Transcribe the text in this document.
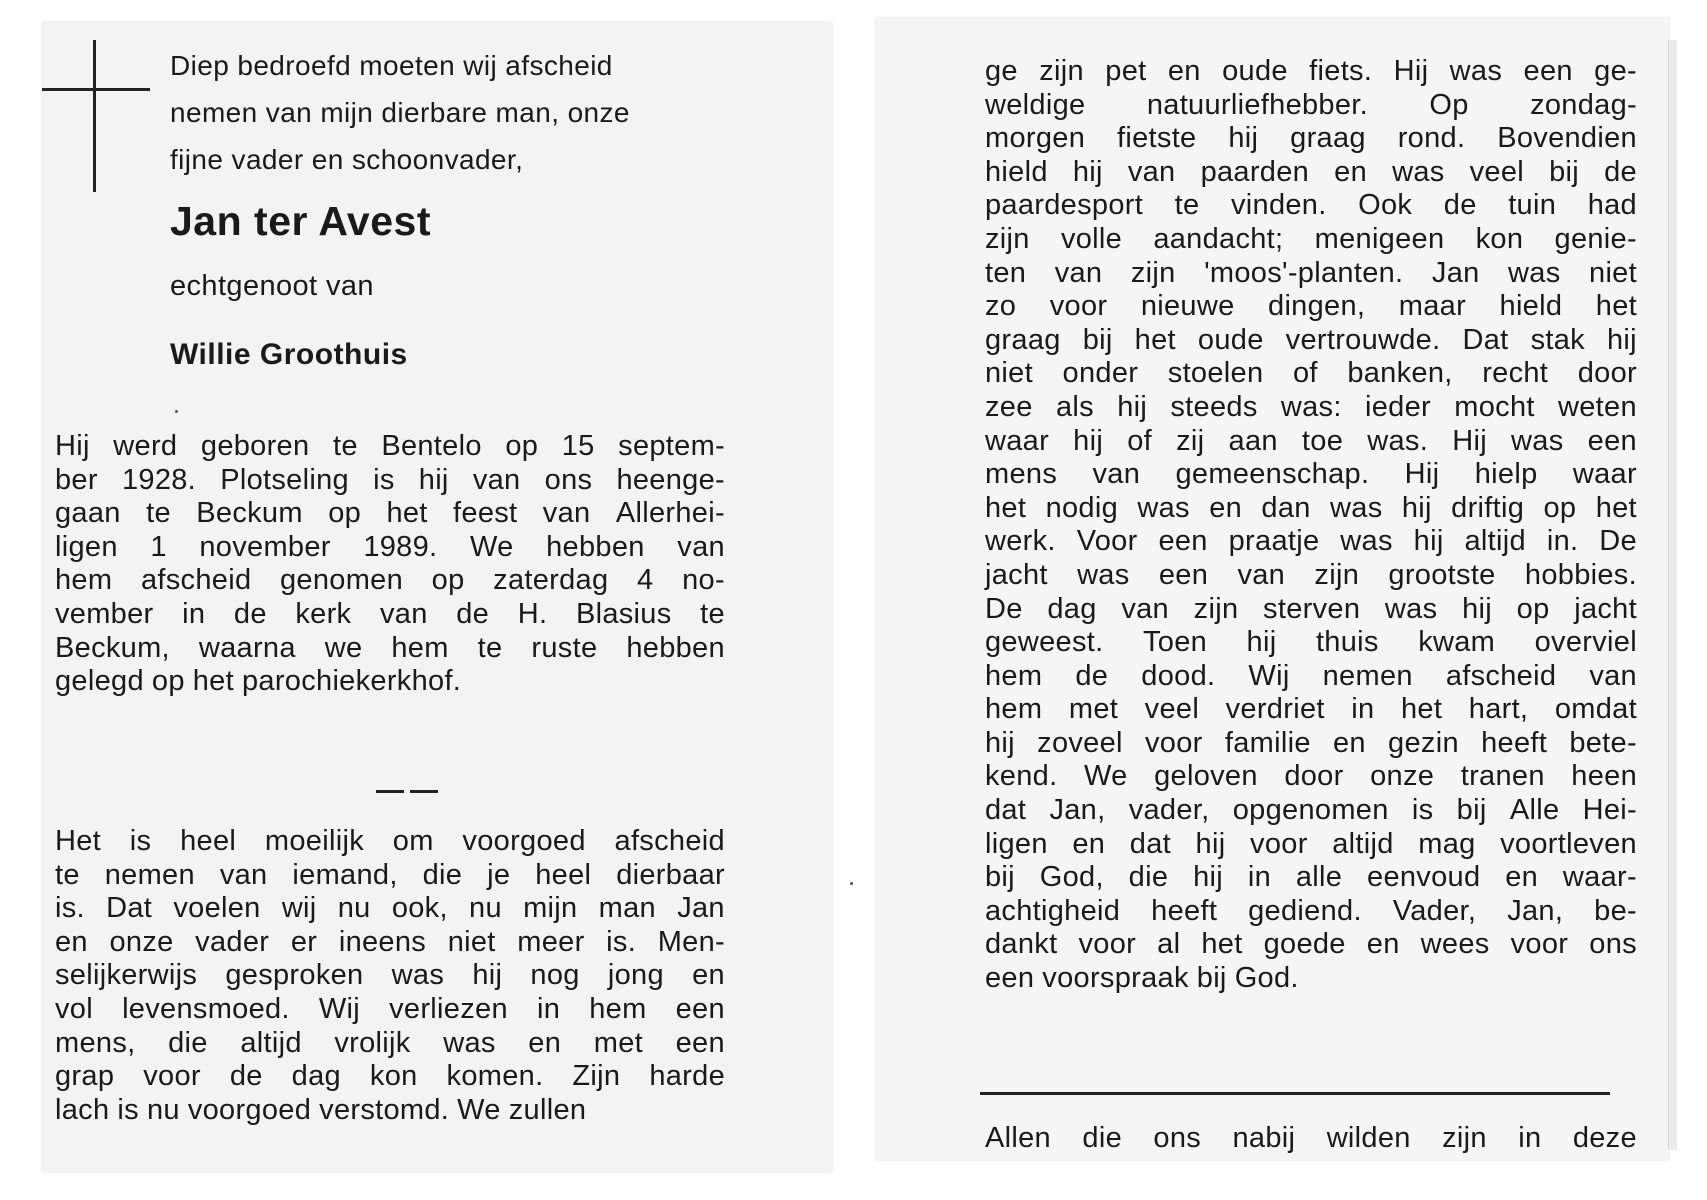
Diep bedroefd moeten wij afscheid
nemen van mijn dierbare man, onze
fijne vader en schoonvader,
Jan ter Avest
echtgenoot van
Willie Groothuis
Hij werd geboren te Bentelo op 15 septem-
ber 1928. Plotseling is hij van ons heenge-
gaan te Beckum op het feest van Allerhei-
ligen 1 november 1989. We hebben van
hem afscheid genomen op zaterdag 4 no-
vember in de kerk van de H. Blasius te
Beckum, waarna we hem te ruste hebben
gelegd op het parochiekerkhof.
Het is heel moeilijk om voorgoed afscheid
te nemen van iemand, die je heel dierbaar
is. Dat voelen wij nu ook, nu mijn man Jan
en onze vader er ineens niet meer is. Men-
selijkerwijs gesproken was hij nog jong en
vol levensmoed. Wij verliezen in hem een
mens, die altijd vrolijk was en met een
grap voor de dag kon komen. Zijn harde
lach is nu voorgoed verstomd. We zullen
ge zijn pet en oude fiets. Hij was een ge-
weldige natuurliefhebber. Op zondag-
morgen fietste hij graag rond. Bovendien
hield hij van paarden en was veel bij de
paardesport te vinden. Ook de tuin had
zijn volle aandacht; menigeen kon genie-
ten van zijn 'moos'-planten. Jan was niet
zo voor nieuwe dingen, maar hield het
graag bij het oude vertrouwde. Dat stak hij
niet onder stoelen of banken, recht door
zee als hij steeds was: ieder mocht weten
waar hij of zij aan toe was. Hij was een
mens van gemeenschap. Hij hielp waar
het nodig was en dan was hij driftig op het
werk. Voor een praatje was hij altijd in. De
jacht was een van zijn grootste hobbies.
De dag van zijn sterven was hij op jacht
geweest. Toen hij thuis kwam overviel
hem de dood. Wij nemen afscheid van
hem met veel verdriet in het hart, omdat
hij zoveel voor familie en gezin heeft bete-
kend. We geloven door onze tranen heen
dat Jan, vader, opgenomen is bij Alle Hei-
ligen en dat hij voor altijd mag voortleven
bij God, die hij in alle eenvoud en waar-
achtigheid heeft gediend. Vader, Jan, be-
dankt voor al het goede en wees voor ons
een voorspraak bij God.
Allen die ons nabij wilden zijn in deze
